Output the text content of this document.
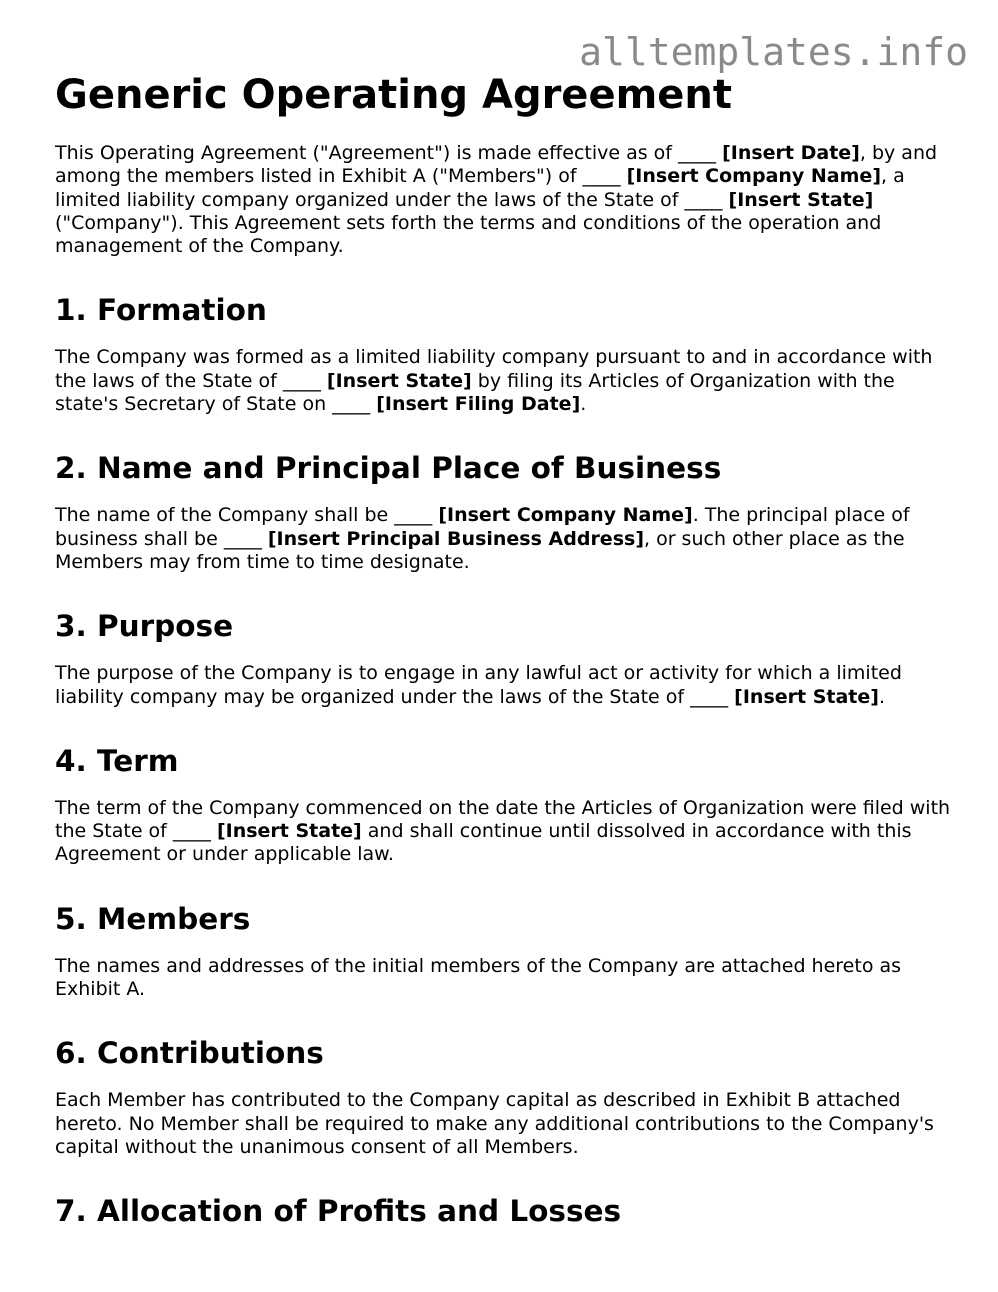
alltemplates.info
Generic Operating Agreement

This Operating Agreement ("Agreement") is made effective as of ____ [Insert Date], by and among the members listed in Exhibit A ("Members") of ____ [Insert Company Name], a limited liability company organized under the laws of the State of ____ [Insert State] ("Company"). This Agreement sets forth the terms and conditions of the operation and management of the Company.

1. Formation

The Company was formed as a limited liability company pursuant to and in accordance with the laws of the State of ____ [Insert State] by filing its Articles of Organization with the state's Secretary of State on ____ [Insert Filing Date].

2. Name and Principal Place of Business

The name of the Company shall be ____ [Insert Company Name]. The principal place of business shall be ____ [Insert Principal Business Address], or such other place as the Members may from time to time designate.

3. Purpose

The purpose of the Company is to engage in any lawful act or activity for which a limited liability company may be organized under the laws of the State of ____ [Insert State].

4. Term

The term of the Company commenced on the date the Articles of Organization were filed with the State of ____ [Insert State] and shall continue until dissolved in accordance with this Agreement or under applicable law.

5. Members

The names and addresses of the initial members of the Company are attached hereto as Exhibit A.

6. Contributions

Each Member has contributed to the Company capital as described in Exhibit B attached hereto. No Member shall be required to make any additional contributions to the Company's capital without the unanimous consent of all Members.

7. Allocation of Profits and Losses
